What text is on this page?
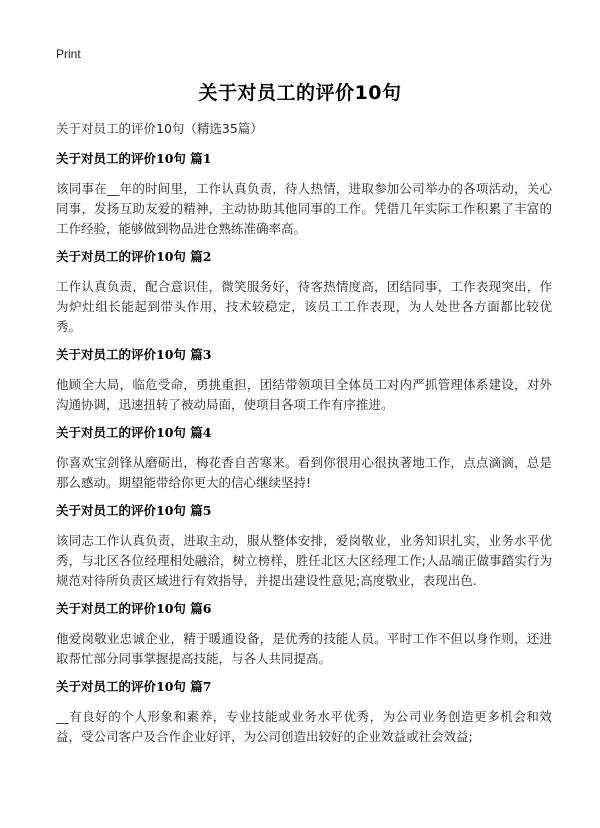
Print
关于对员工的评价10句
关于对员工的评价10句（精选35篇）
关于对员工的评价10句 篇1
该同事在__年的时间里，工作认真负责，待人热情，进取参加公司举办的各项活动，关心同事，发扬互助友爱的精神，主动协助其他同事的工作。凭借几年实际工作积累了丰富的工作经验，能够做到物品进仓熟练准确率高。
关于对员工的评价10句 篇2
工作认真负责，配合意识佳，微笑服务好，待客热情度高，团结同事，工作表现突出，作为炉灶组长能起到带头作用，技术较稳定，该员工工作表现，为人处世各方面都比较优秀。
关于对员工的评价10句 篇3
他顾全大局，临危受命，勇挑重担，团结带领项目全体员工对内严抓管理体系建设，对外沟通协调，迅速扭转了被动局面，使项目各项工作有序推进。
关于对员工的评价10句 篇4
你喜欢宝剑锋从磨砺出，梅花香自苦寒来。看到你很用心很执著地工作，点点滴滴，总是那么感动。期望能带给你更大的信心继续坚持!
关于对员工的评价10句 篇5
该同志工作认真负责，进取主动，服从整体安排，爱岗敬业，业务知识扎实，业务水平优秀，与北区各位经理相处融洽，树立榜样，胜任北区大区经理工作;人品端正做事踏实行为规范对待所负责区域进行有效指导，并提出建设性意见;高度敬业，表现出色.
关于对员工的评价10句 篇6
他爱岗敬业忠诚企业，精于暖通设备，是优秀的技能人员。平时工作不但以身作则，还进取帮忙部分同事掌握提高技能，与各人共同提高。
关于对员工的评价10句 篇7
__有良好的个人形象和素养，专业技能或业务水平优秀，为公司业务创造更多机会和效益，受公司客户及合作企业好评，为公司创造出较好的企业效益或社会效益;
